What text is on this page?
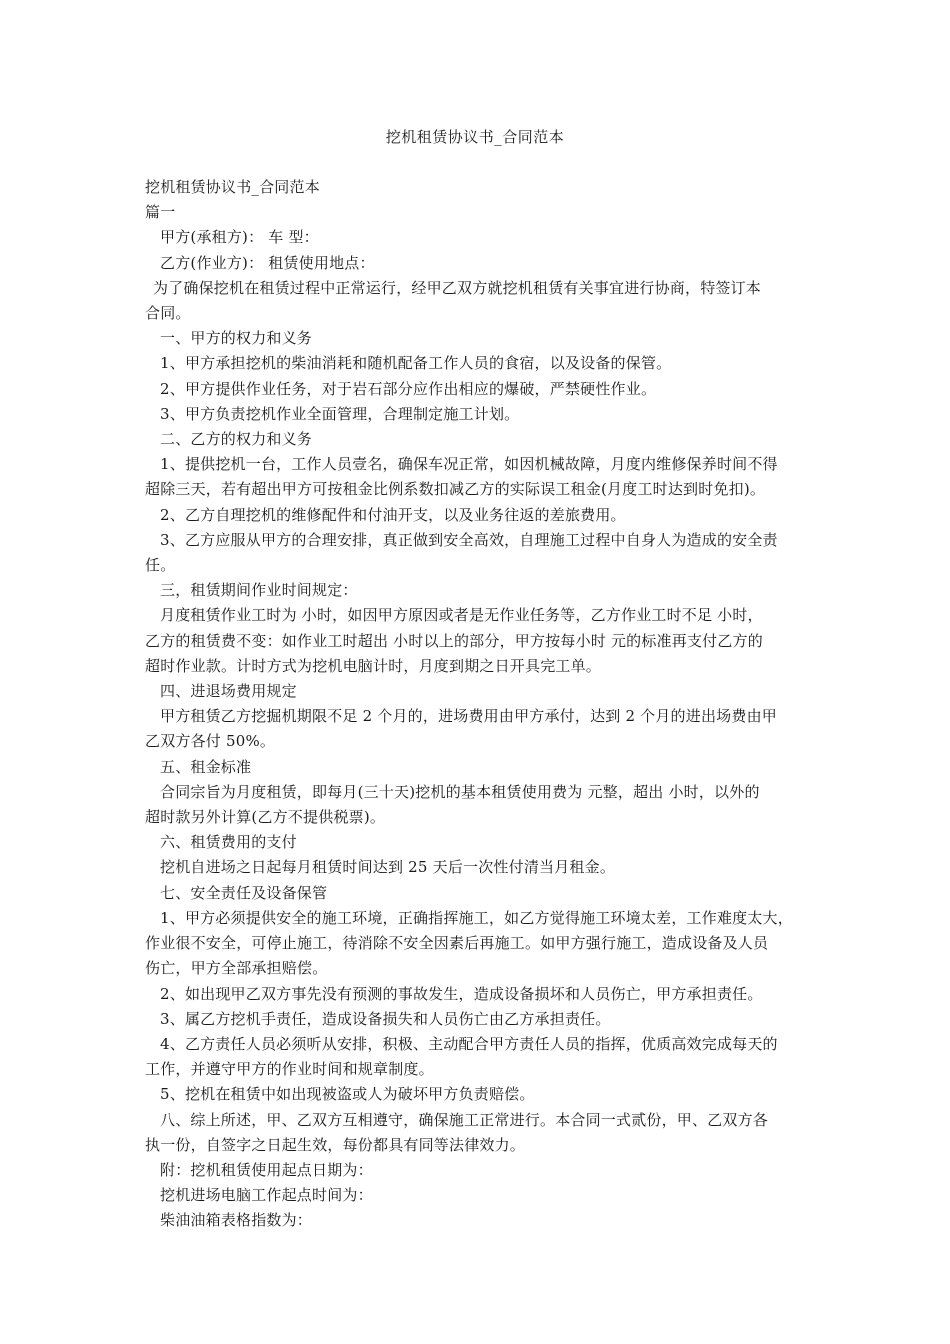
挖机租赁协议书_合同范本
挖机租赁协议书_合同范本
篇一
甲方(承租方)： 车 型：
乙方(作业方)： 租赁使用地点：
为了确保挖机在租赁过程中正常运行，经甲乙双方就挖机租赁有关事宜进行协商，特签订本
合同。
一、甲方的权力和义务
1、甲方承担挖机的柴油消耗和随机配备工作人员的食宿，以及设备的保管。
2、甲方提供作业任务，对于岩石部分应作出相应的爆破，严禁硬性作业。
3、甲方负责挖机作业全面管理，合理制定施工计划。
二、乙方的权力和义务
1、提供挖机一台，工作人员壹名，确保车况正常，如因机械故障，月度内维修保养时间不得
超除三天，若有超出甲方可按租金比例系数扣减乙方的实际误工租金(月度工时达到时免扣)。
2、乙方自理挖机的维修配件和付油开支，以及业务往返的差旅费用。
3、乙方应服从甲方的合理安排，真正做到安全高效，自理施工过程中自身人为造成的安全责
任。
三，租赁期间作业时间规定：
月度租赁作业工时为 小时，如因甲方原因或者是无作业任务等，乙方作业工时不足 小时，
乙方的租赁费不变：如作业工时超出 小时以上的部分，甲方按每小时 元的标准再支付乙方的
超时作业款。计时方式为挖机电脑计时，月度到期之日开具完工单。
四、进退场费用规定
甲方租赁乙方挖掘机期限不足 2 个月的，进场费用由甲方承付，达到 2 个月的进出场费由甲
乙双方各付 50%。
五、租金标准
合同宗旨为月度租赁，即每月(三十天)挖机的基本租赁使用费为 元整，超出 小时，以外的
超时款另外计算(乙方不提供税票)。
六、租赁费用的支付
挖机自进场之日起每月租赁时间达到 25 天后一次性付清当月租金。
七、安全责任及设备保管
1、甲方必须提供安全的施工环境，正确指挥施工，如乙方觉得施工环境太差，工作难度太大，
作业很不安全，可停止施工，待消除不安全因素后再施工。如甲方强行施工，造成设备及人员
伤亡，甲方全部承担赔偿。
2、如出现甲乙双方事先没有预测的事故发生，造成设备损坏和人员伤亡，甲方承担责任。
3、属乙方挖机手责任，造成设备损失和人员伤亡由乙方承担责任。
4、乙方责任人员必须听从安排，积极、主动配合甲方责任人员的指挥，优质高效完成每天的
工作，并遵守甲方的作业时间和规章制度。
5、挖机在租赁中如出现被盗或人为破坏甲方负责赔偿。
八、综上所述，甲、乙双方互相遵守，确保施工正常进行。本合同一式贰份，甲、乙双方各
执一份，自签字之日起生效，每份都具有同等法律效力。
附：挖机租赁使用起点日期为：
挖机进场电脑工作起点时间为：
柴油油箱表格指数为：
